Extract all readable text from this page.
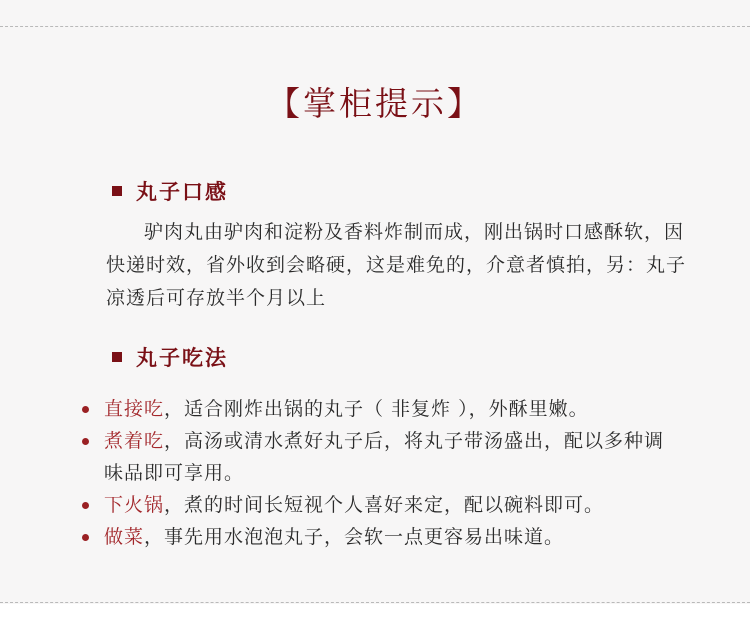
【掌柜提示】
丸子口感
驴肉丸由驴肉和淀粉及香料炸制而成，刚出锅时口感酥软，因快递时效，省外收到会略硬，这是难免的，介意者慎拍，另：丸子凉透后可存放半个月以上
丸子吃法
直接吃，适合刚炸出锅的丸子（ 非复炸 ），外酥里嫩。
煮着吃，高汤或清水煮好丸子后，将丸子带汤盛出，配以多种调味品即可享用。
下火锅，煮的时间长短视个人喜好来定，配以碗料即可。
做菜，事先用水泡泡丸子，会软一点更容易出味道。
